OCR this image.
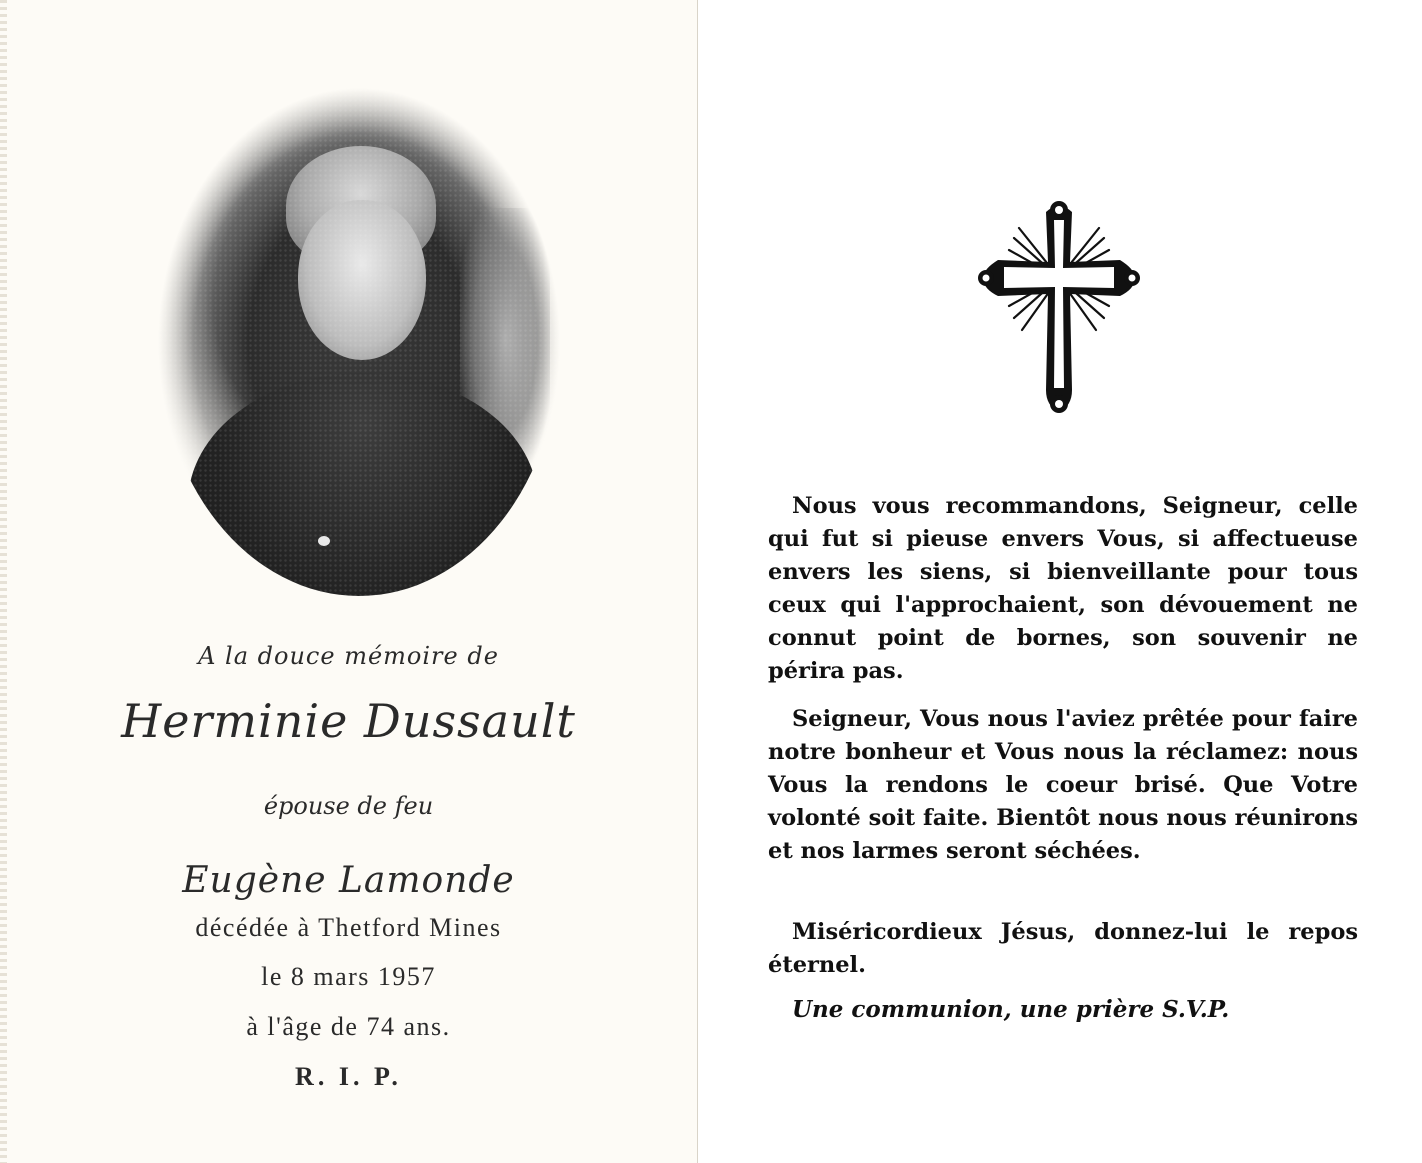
A la douce mémoire de
Herminie Dussault
épouse de feu
Eugène Lamonde
décédée à Thetford Mines
le 8 mars 1957
à l'âge de 74 ans.
R. I. P.

Nous vous recommandons, Seigneur, celle qui fut si pieuse envers Vous, si affectueuse envers les siens, si bienveillante pour tous ceux qui l'approchaient, son dévouement ne connut point de bornes, son souvenir ne périra pas.

Seigneur, Vous nous l'aviez prêtée pour faire notre bonheur et Vous nous la réclamez: nous Vous la rendons le coeur brisé. Que Votre volonté soit faite. Bientôt nous nous réunirons et nos larmes seront séchées.

Miséricordieux Jésus, donnez-lui le repos éternel.

Une communion, une prière S.V.P.
